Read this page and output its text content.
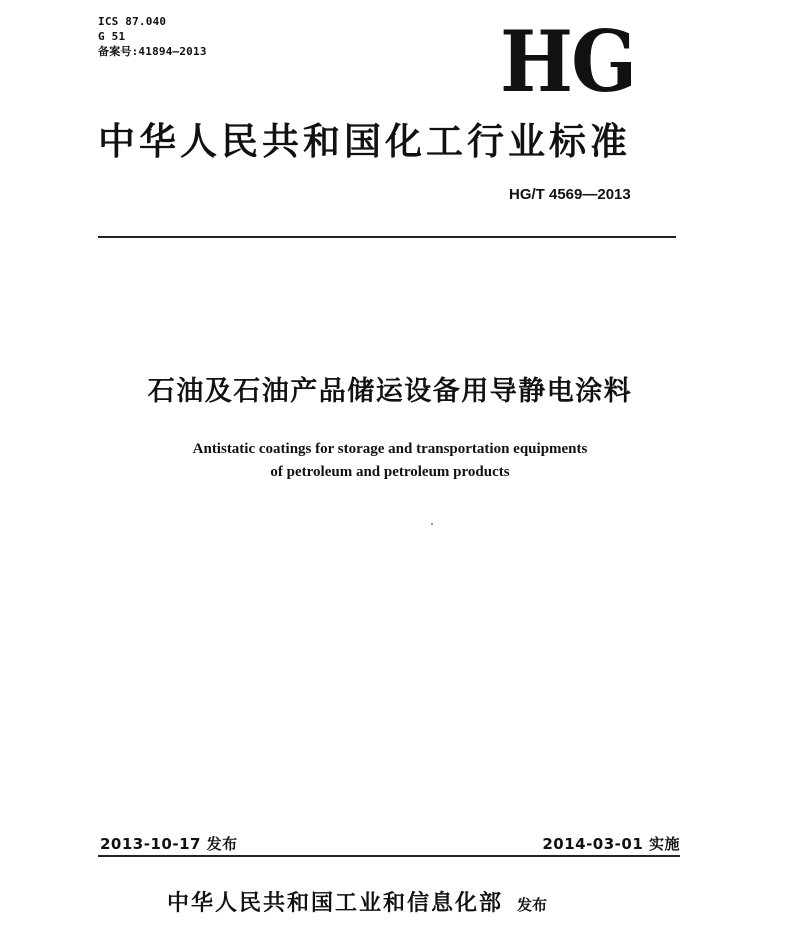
ICS 87.040
G 51
备案号:41894—2013	HG
中华人民共和国化工行业标准
HG/T 4569—2013
石油及石油产品储运设备用导静电涂料
Antistatic coatings for storage and transportation equipments
of petroleum and petroleum products
2013-10-17 发布	2014-03-01 实施
中华人民共和国工业和信息化部 发布
